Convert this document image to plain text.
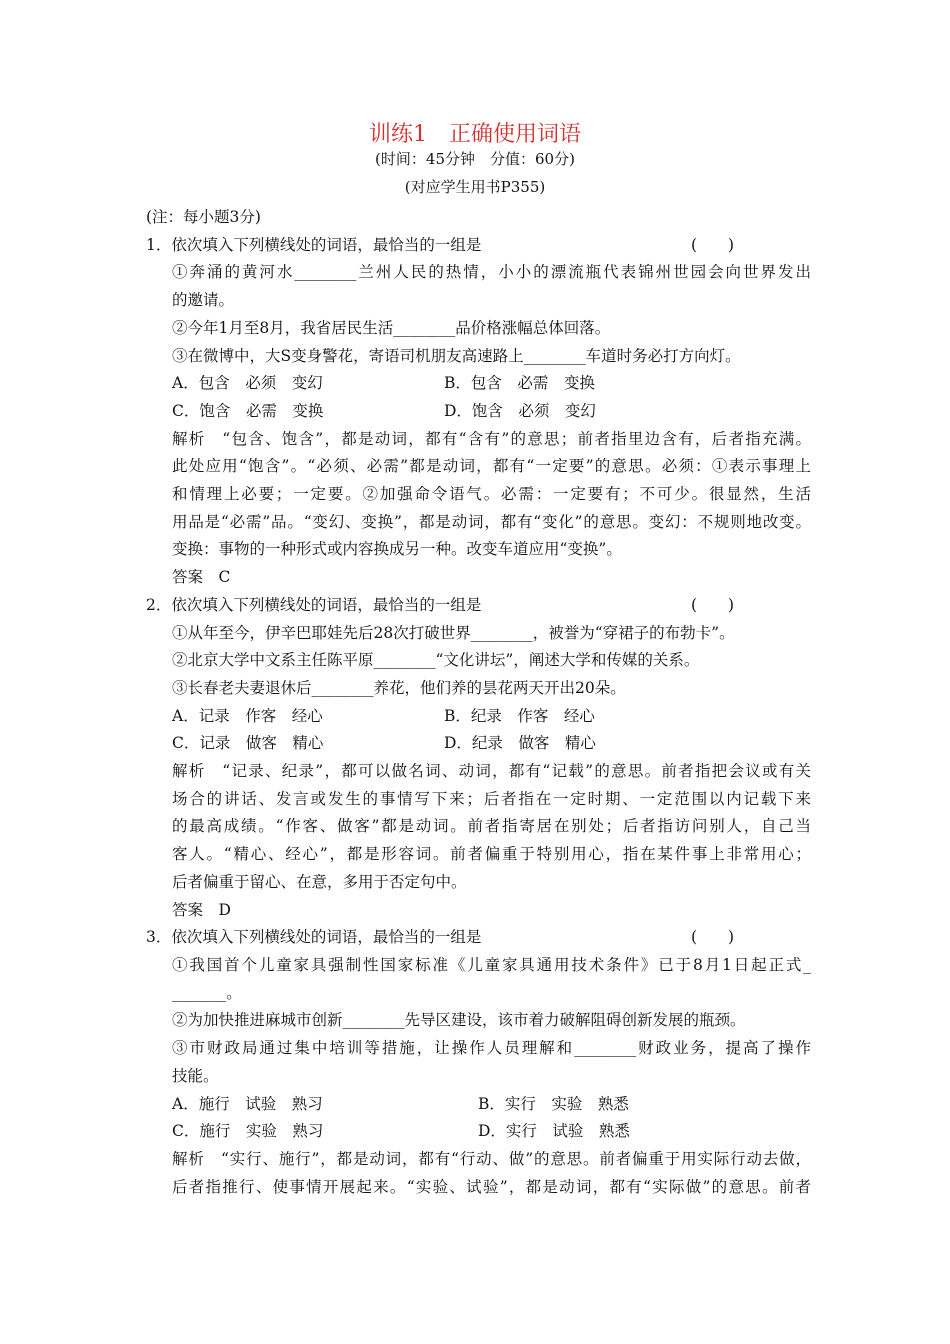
训练1　正确使用词语
(时间：45分钟　分值：60分)
(对应学生用书P355)
(注：每小题3分)
1．依次填入下列横线处的词语，最恰当的一组是	(　　)
①奔涌的黄河水________兰州人民的热情，小小的漂流瓶代表锦州世园会向世界发出
的邀请。
②今年1月至8月，我省居民生活________品价格涨幅总体回落。
③在微博中，大S变身警花，寄语司机朋友高速路上________车道时务必打方向灯。
A．包含　必须　变幻	B．包含　必需　变换
C．饱含　必需　变换	D．饱含　必须　变幻
解析　“包含、饱含”，都是动词，都有“含有”的意思；前者指里边含有，后者指充满。
此处应用“饱含”。“必须、必需”都是动词，都有“一定要”的意思。必须：①表示事理上
和情理上必要；一定要。②加强命令语气。必需：一定要有；不可少。很显然，生活
用品是“必需”品。“变幻、变换”，都是动词，都有“变化”的意思。变幻：不规则地改变。
变换：事物的一种形式或内容换成另一种。改变车道应用“变换”。
答案　C
2．依次填入下列横线处的词语，最恰当的一组是	(　　)
①从年至今，伊辛巴耶娃先后28次打破世界________，被誉为“穿裙子的布勃卡”。
②北京大学中文系主任陈平原________“文化讲坛”，阐述大学和传媒的关系。
③长春老夫妻退休后________养花，他们养的昙花两天开出20朵。
A．记录　作客　经心	B．纪录　作客　经心
C．记录　做客　精心	D．纪录　做客　精心
解析　“记录、纪录”，都可以做名词、动词，都有“记载”的意思。前者指把会议或有关
场合的讲话、发言或发生的事情写下来；后者指在一定时期、一定范围以内记载下来
的最高成绩。“作客、做客”都是动词。前者指寄居在别处；后者指访问别人，自己当
客人。“精心、经心”，都是形容词。前者偏重于特别用心，指在某件事上非常用心；
后者偏重于留心、在意，多用于否定句中。
答案　D
3．依次填入下列横线处的词语，最恰当的一组是	(　　)
①我国首个儿童家具强制性国家标准《儿童家具通用技术条件》已于8月1日起正式_
_______。
②为加快推进麻城市创新________先导区建设，该市着力破解阻碍创新发展的瓶颈。
③市财政局通过集中培训等措施，让操作人员理解和________财政业务，提高了操作
技能。
A．施行　试验　熟习	B．实行　实验　熟悉
C．施行　实验　熟习	D．实行　试验　熟悉
解析　“实行、施行”，都是动词，都有“行动、做”的意思。前者偏重于用实际行动去做，
后者指推行、使事情开展起来。“实验、试验”，都是动词，都有“实际做”的意思。前者
